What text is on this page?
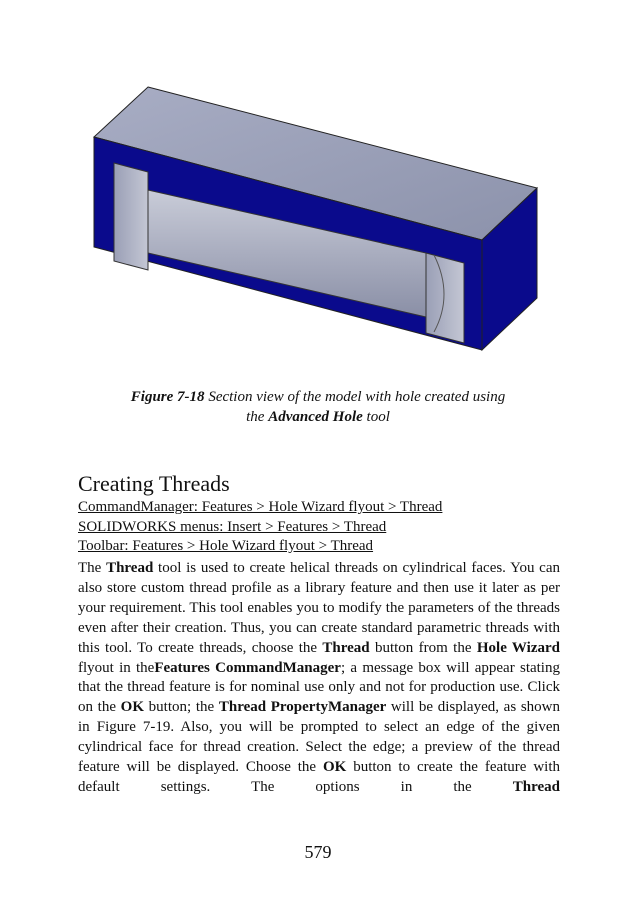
Figure 7-18 Section view of the model with hole created using
the Advanced Hole tool
Creating Threads
CommandManager: Features > Hole Wizard flyout > Thread
SOLIDWORKS menus: Insert > Features > Thread
Toolbar: Features > Hole Wizard flyout > Thread

The Thread tool is used to create helical threads on cylindrical faces. You can also store custom thread profile as a library feature and then use it later as per your requirement. This tool enables you to modify the parameters of the threads even after their creation. Thus, you can create standard parametric threads with this tool. To create threads, choose the Thread button from the Hole Wizard flyout in theFeatures CommandManager; a message box will appear stating that the thread feature is for nominal use only and not for production use. Click on the OK button; the Thread PropertyManager will be displayed, as shown in Figure 7-19. Also, you will be prompted to select an edge of the given cylindrical face for thread creation. Select the edge; a preview of the thread feature will be displayed. Choose the OK button to create the feature with default settings. The options in the Thread

579
